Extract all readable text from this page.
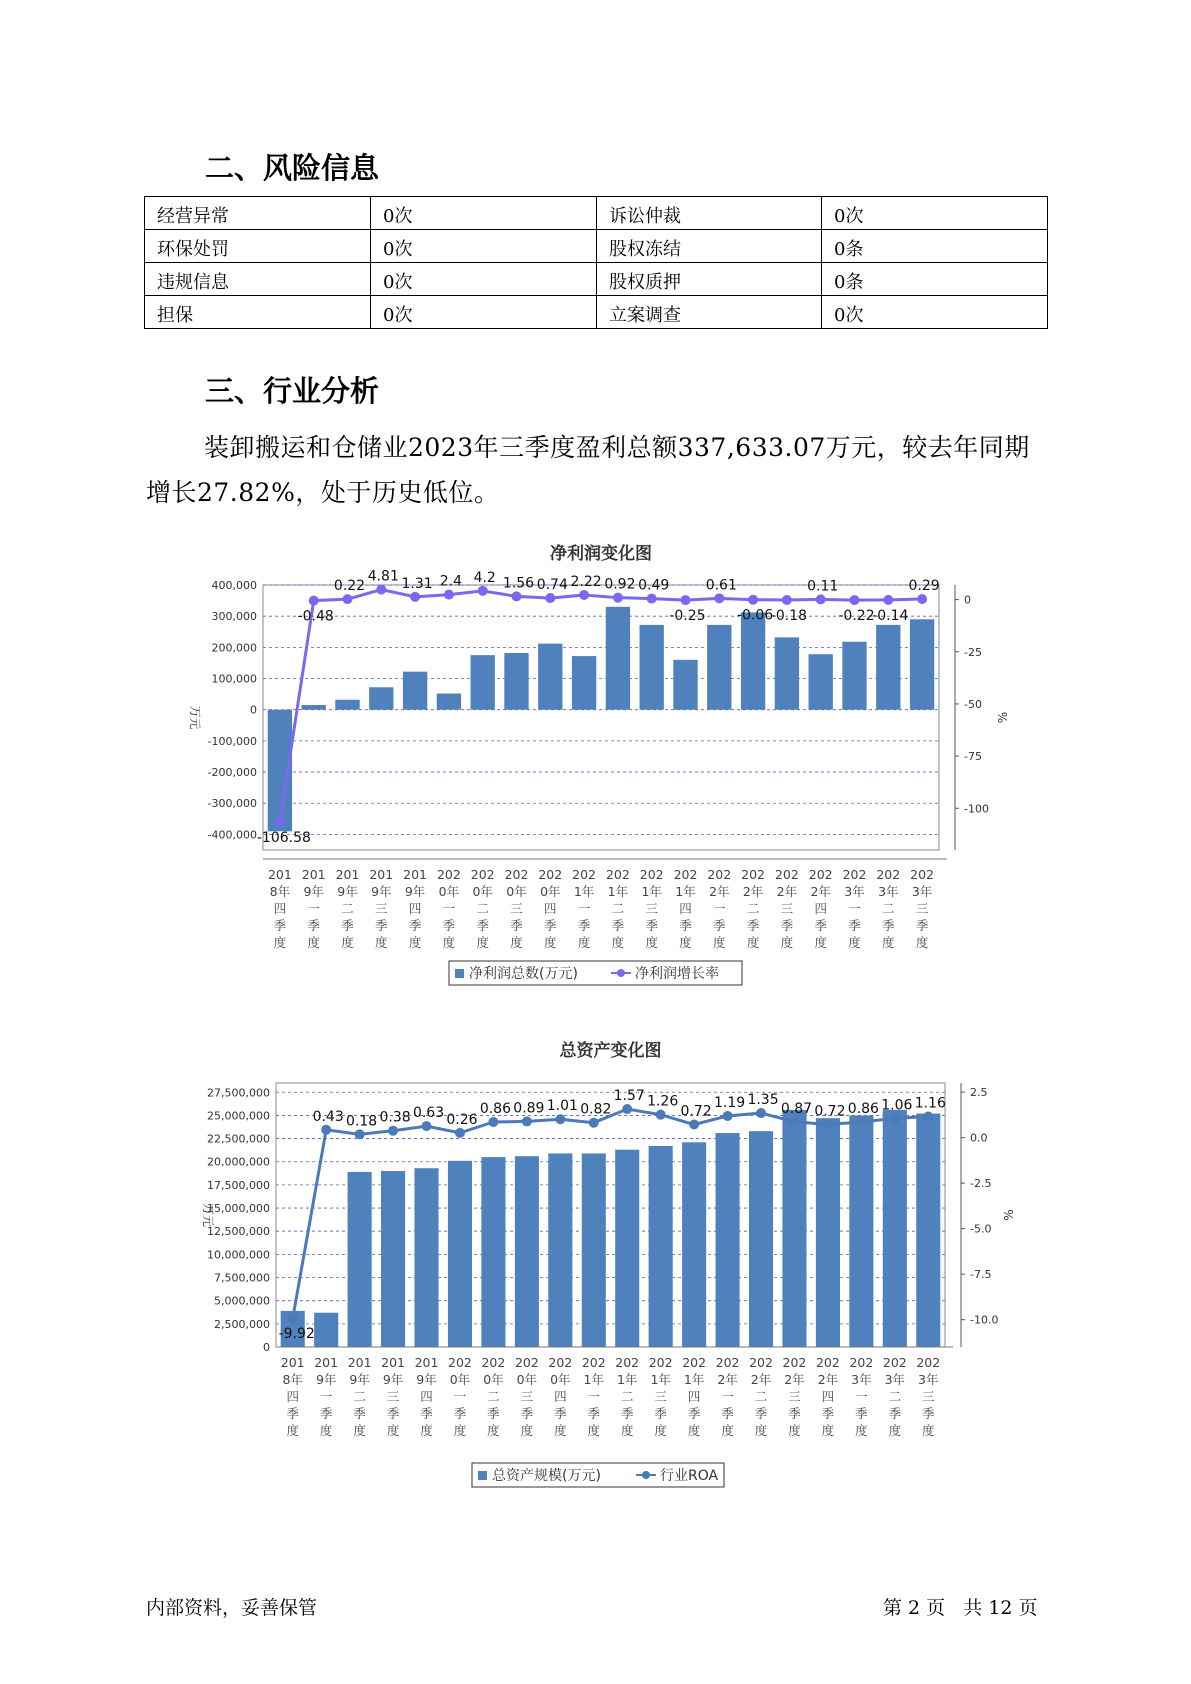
二、风险信息
经营异常	0次	诉讼仲裁	0次
环保处罚	0次	股权冻结	0条
违规信息	0次	股权质押	0条
担保	0次	立案调查	0次
三、行业分析

装卸搬运和仓储业2023年三季度盈利总额337,633.07万元，较去年同期增长27.82%，处于历史低位。

净利润变化图
400,000
300,000
200,000
100,000
0
-100,000
-200,000
-300,000
-400,000
0
-25
-50
-75
-100
万元	%
-106.58
-0.48
0.22
4.81 1.31 2.4 4.2 1.56 0.74 2.22 0.92 0.49
-0.25
0.61
-0.06
-0.18
0.11
-0.22
-0.14
0.29
201
8年
四
季
度
201
9年
一
季
度
201
9年
二
季
度
201
9年
三
季
度
201
9年
四
季
度
202
0年
一
季
度
202
0年
二
季
度
202
0年
三
季
度
202
0年
四
季
度
202
1年
一
季
度
202
1年
二
季
度
202
1年
三
季
度
202
1年
四
季
度
202
2年
一
季
度
202
2年
二
季
度
202
2年
三
季
度
202
2年
四
季
度
202
3年
一
季
度
202
3年
二
季
度
202
3年
三
季
度
净利润总数(万元)	净利润增长率
总资产变化图
27,500,000
25,000,000
22,500,000
20,000,000
17,500,000
15,000,000
12,500,000
10,000,000
7,500,000
5,000,000
2,500,000
0
2.5
0.0
-2.5
-5.0
-7.5
-10.0
万元	%
-9.92
0.43 0.18 0.38 0.63 0.26
0.86 0.89 1.01 0.82
1.57 1.26
0.72
1.19 1.35
0.87 0.72 0.86 1.06 1.16
201
8年
四
季
度
201
9年
一
季
度
201
9年
二
季
度
201
9年
三
季
度
201
9年
四
季
度
202
0年
一
季
度
202
0年
二
季
度
202
0年
三
季
度
202
0年
四
季
度
202
1年
一
季
度
202
1年
二
季
度
202
1年
三
季
度
202
1年
四
季
度
202
2年
一
季
度
202
2年
二
季
度
202
2年
三
季
度
202
2年
四
季
度
202
3年
一
季
度
202
3年
二
季
度
202
3年
三
季
度
总资产规模(万元)	行业ROA
内部资料，妥善保管	第 2 页   共 12 页
